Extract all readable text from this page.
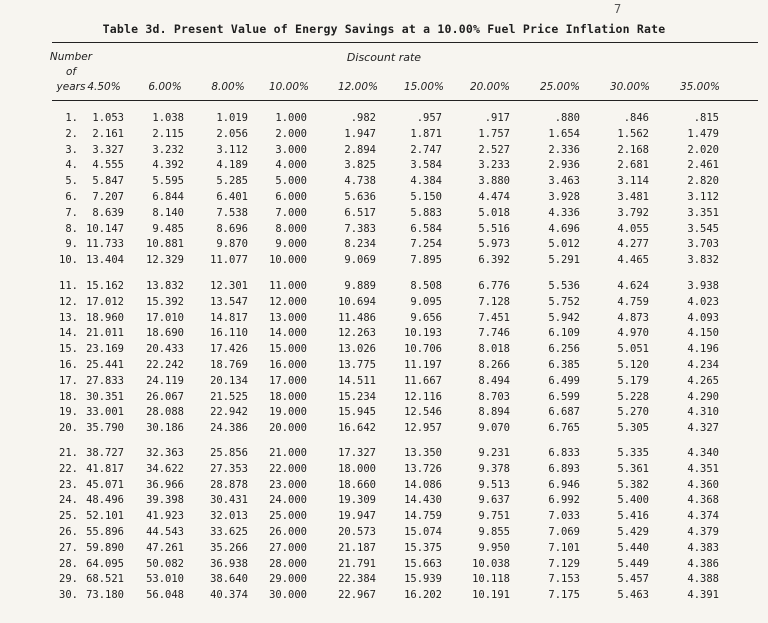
7
Table 3d. Present Value of Energy Savings at a 10.00% Fuel Price Inflation Rate
Number
of
years
Discount rate
4.50%	6.00%	8.00%	10.00%	12.00%	15.00%	20.00%	25.00%	30.00%	35.00%
1. 1.053	1.038	1.019	1.000	.982	.957	.917	.880	.846	.815
2. 2.161	2.115	2.056	2.000	1.947	1.871	1.757	1.654	1.562	1.479
3. 3.327	3.232	3.112	3.000	2.894	2.747	2.527	2.336	2.168	2.020
4. 4.555	4.392	4.189	4.000	3.825	3.584	3.233	2.936	2.681	2.461
5. 5.847	5.595	5.285	5.000	4.738	4.384	3.880	3.463	3.114	2.820
6. 7.207	6.844	6.401	6.000	5.636	5.150	4.474	3.928	3.481	3.112
7. 8.639	8.140	7.538	7.000	6.517	5.883	5.018	4.336	3.792	3.351
8. 10.147	9.485	8.696	8.000	7.383	6.584	5.516	4.696	4.055	3.545
9. 11.733 10.881	9.870	9.000	8.234	7.254	5.973	5.012	4.277	3.703
10. 13.404 12.329 11.077 10.000	9.069	7.895	6.392	5.291	4.465	3.832
11. 15.162 13.832 12.301 11.000	9.889	8.508	6.776	5.536	4.624	3.938
12. 17.012 15.392 13.547 12.000	10.694	9.095	7.128	5.752	4.759	4.023
13. 18.960 17.010 14.817 13.000	11.486	9.656	7.451	5.942	4.873	4.093
14. 21.011 18.690 16.110 14.000	12.263	10.193	7.746	6.109	4.970	4.150
15. 23.169 20.433 17.426 15.000	13.026	10.706	8.018	6.256	5.051	4.196
16. 25.441 22.242 18.769 16.000	13.775	11.197	8.266	6.385	5.120	4.234
17. 27.833 24.119 20.134 17.000	14.511	11.667	8.494	6.499	5.179	4.265
18. 30.351 26.067 21.525 18.000	15.234	12.116	8.703	6.599	5.228	4.290
19. 33.001 28.088 22.942 19.000	15.945	12.546	8.894	6.687	5.270	4.310
20. 35.790 30.186 24.386 20.000	16.642	12.957	9.070	6.765	5.305	4.327
21. 38.727 32.363 25.856 21.000	17.327	13.350	9.231	6.833	5.335	4.340
22. 41.817 34.622 27.353 22.000	18.000	13.726	9.378	6.893	5.361	4.351
23. 45.071 36.966 28.878 23.000	18.660	14.086	9.513	6.946	5.382	4.360
24. 48.496 39.398 30.431 24.000	19.309	14.430	9.637	6.992	5.400	4.368
25. 52.101 41.923 32.013 25.000	19.947	14.759	9.751	7.033	5.416	4.374
26. 55.896 44.543 33.625 26.000	20.573	15.074	9.855	7.069	5.429	4.379
27. 59.890 47.261 35.266 27.000	21.187	15.375	9.950	7.101	5.440	4.383
28. 64.095 50.082 36.938 28.000	21.791	15.663	10.038	7.129	5.449	4.386
29. 68.521 53.010 38.640 29.000	22.384	15.939	10.118	7.153	5.457	4.388
30. 73.180 56.048 40.374 30.000	22.967	16.202	10.191	7.175	5.463	4.391
